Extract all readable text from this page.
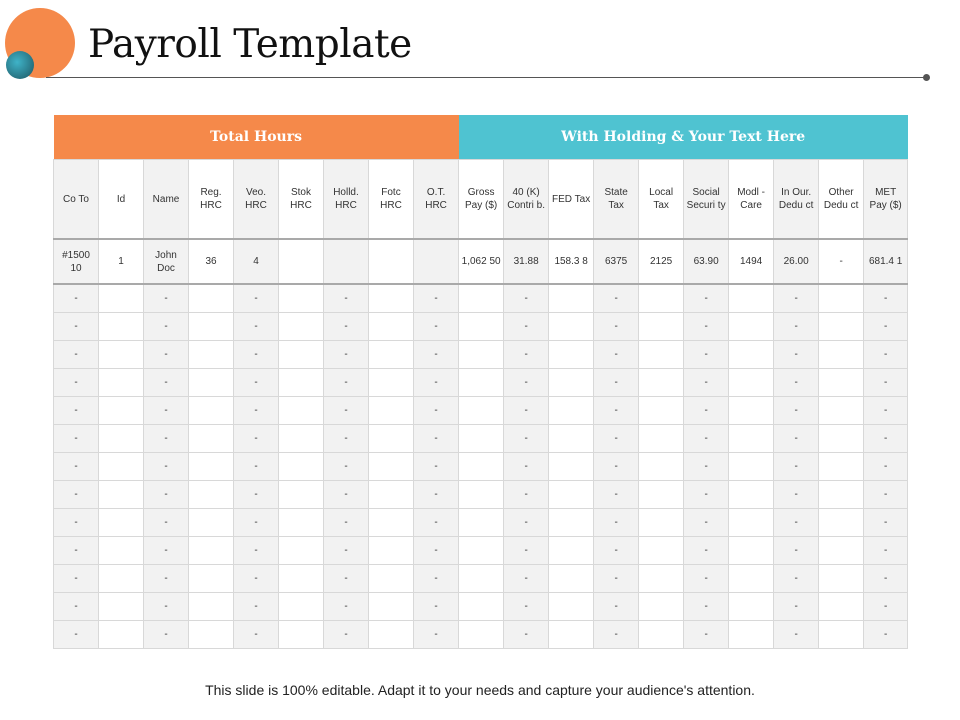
Payroll Template
Total Hours									With Holding & Your Text Here									
Co To	Id	Name	Reg. HRC	Veo. HRC	Stok HRC	Holld. HRC	Fotc HRC	O.T. HRC	Gross Pay ($)	40 (K) Contri b.	FED Tax	State Tax	Local Tax	Social Securi ty	Modl - Care	In Our. Dedu ct	Other Dedu ct	MET Pay ($)
#1500 10	1	John Doc	36	4					1,062 50	31.88	158.3 8	6375	2125	63.90	1494	26.00	-	681.4 1
-		-		-		-		-		-		-		-		-		-
-		-		-		-		-		-		-		-		-		-
-		-		-		-		-		-		-		-		-		-
-		-		-		-		-		-		-		-		-		-
-		-		-		-		-		-		-		-		-		-
-		-		-		-		-		-		-		-		-		-
-		-		-		-		-		-		-		-		-		-
-		-		-		-		-		-		-		-		-		-
-		-		-		-		-		-		-		-		-		-
-		-		-		-		-		-		-		-		-		-
-		-		-		-		-		-		-		-		-		-
-		-		-		-		-		-		-		-		-		-
-		-		-		-		-		-		-		-		-		-
This slide is 100% editable. Adapt it to your needs and capture your audience's attention.
